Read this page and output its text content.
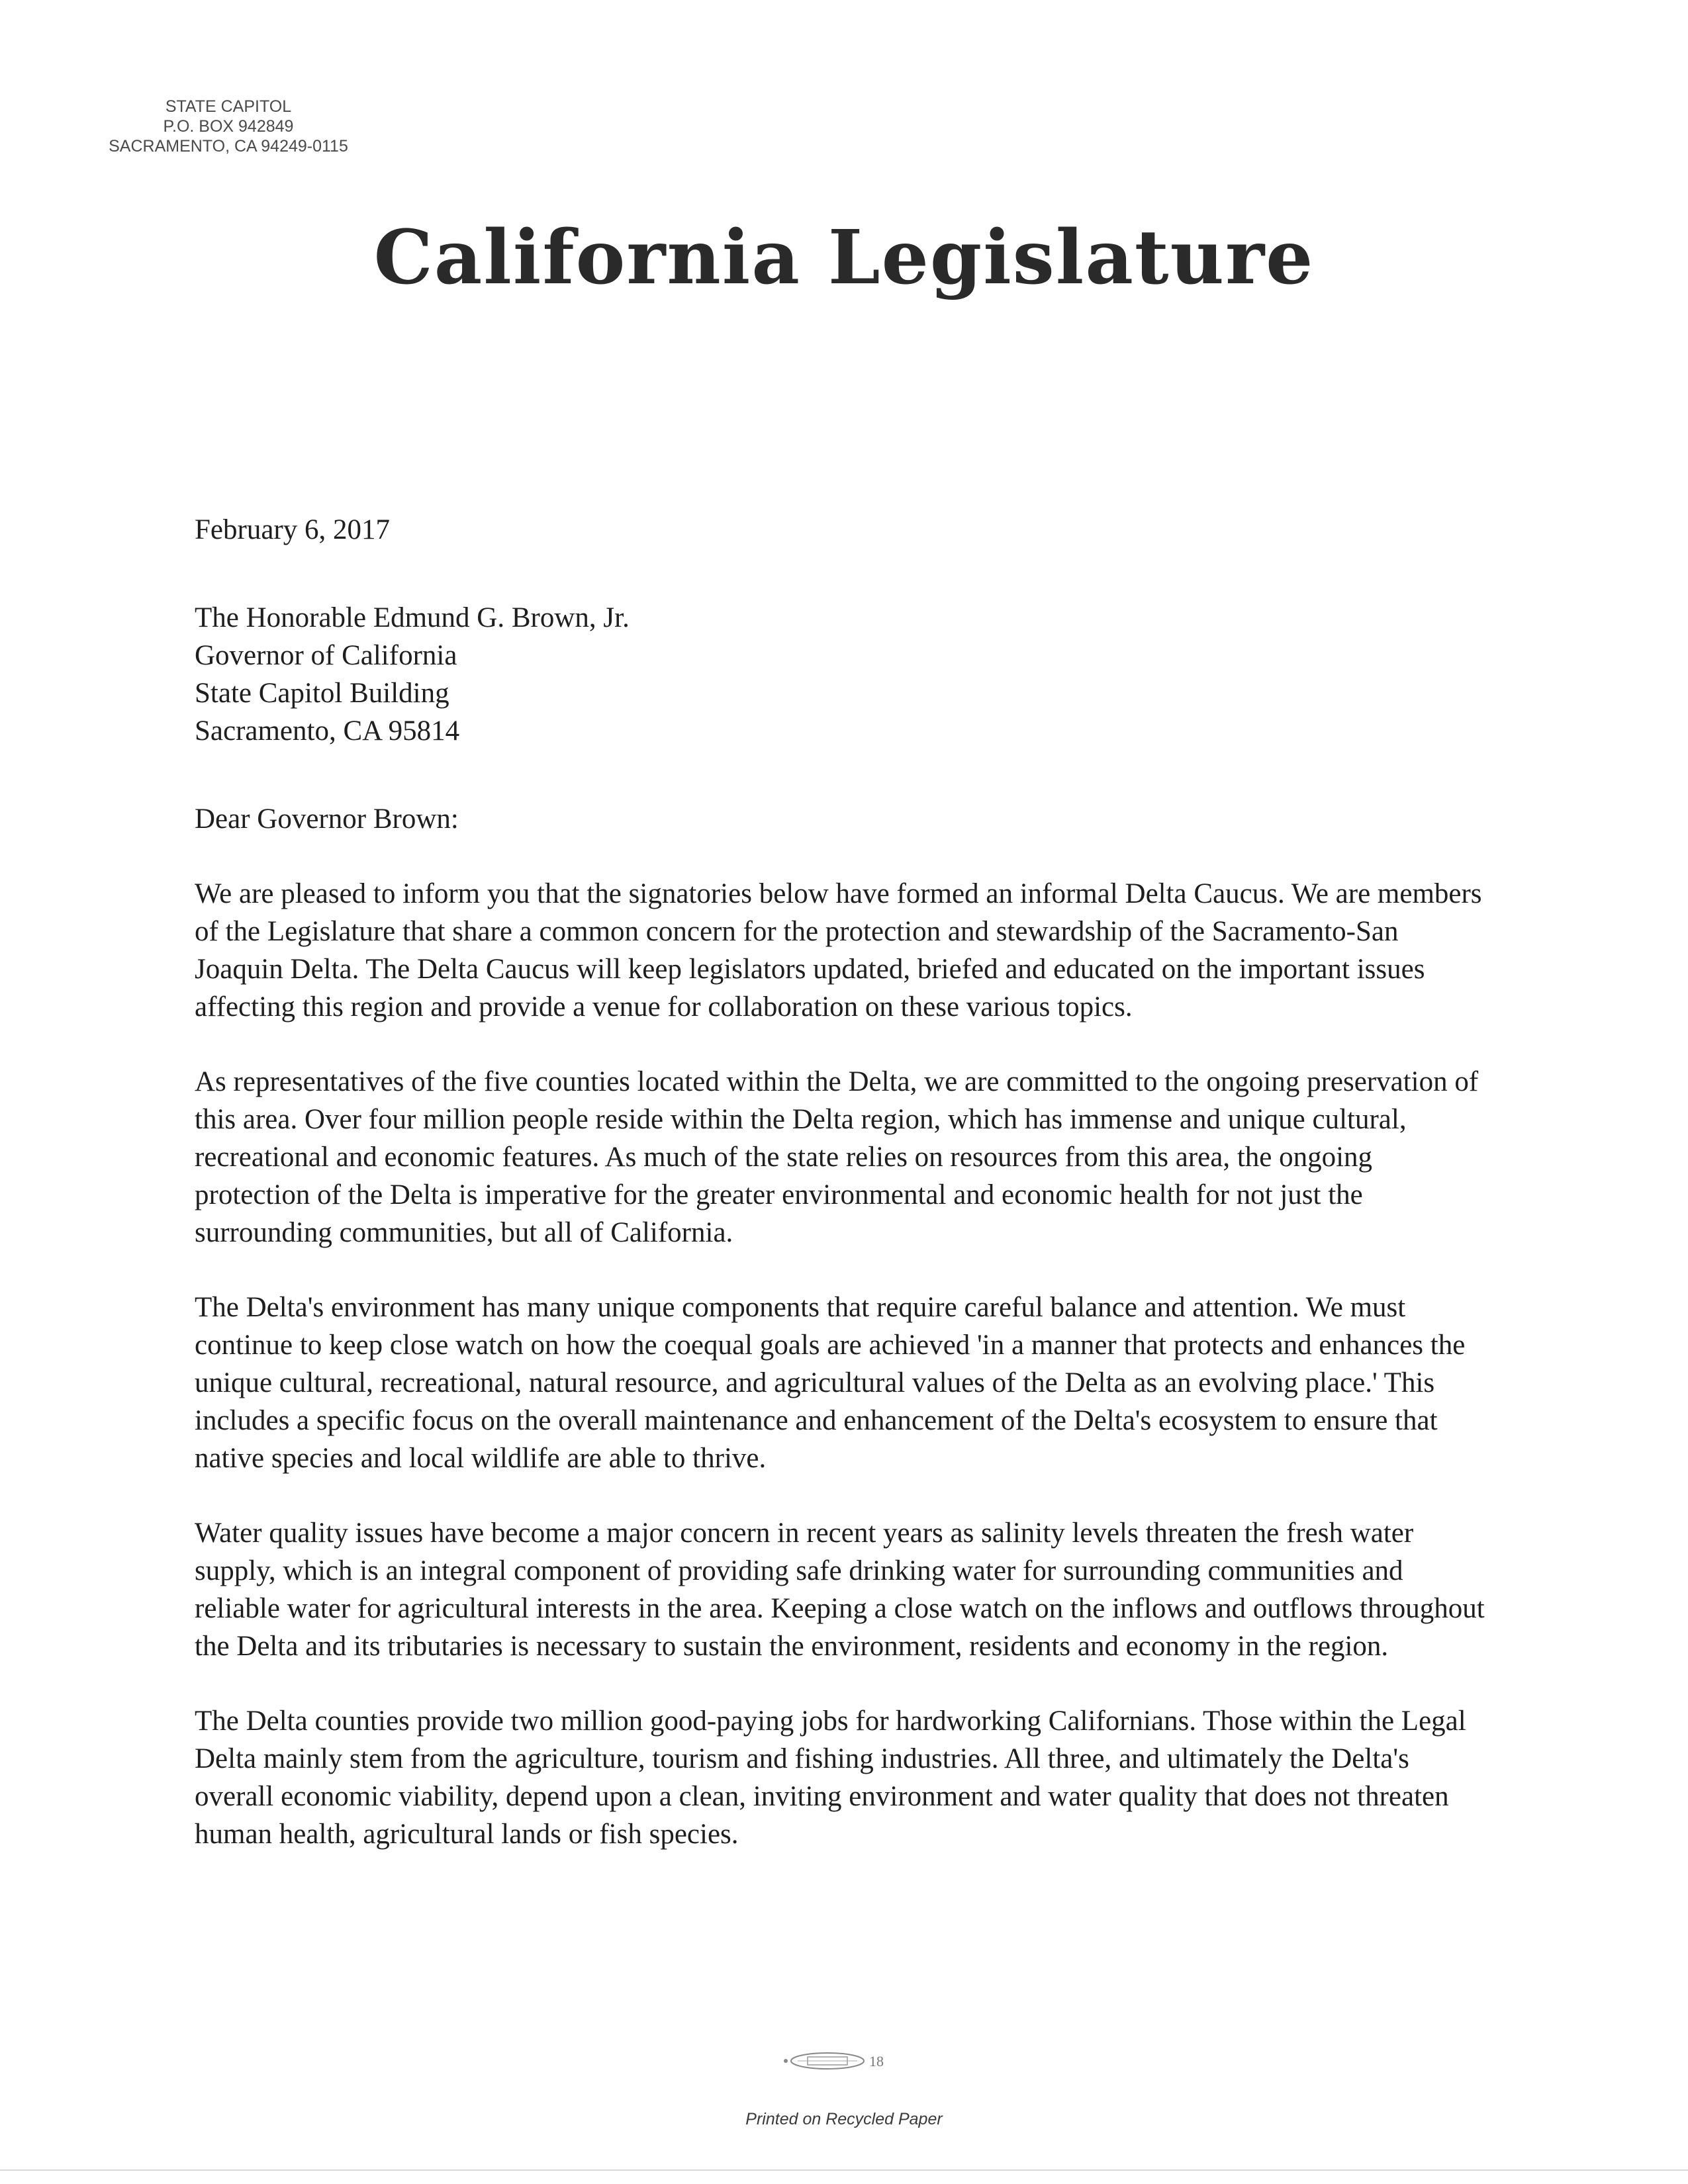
STATE CAPITOL
P.O. BOX 942849
SACRAMENTO, CA 94249-0115
California Legislature
February 6, 2017
The Honorable Edmund G. Brown, Jr.
Governor of California
State Capitol Building
Sacramento, CA 95814
Dear Governor Brown:

We are pleased to inform you that the signatories below have formed an informal Delta Caucus. We are members of the Legislature that share a common concern for the protection and stewardship of the Sacramento-San Joaquin Delta. The Delta Caucus will keep legislators updated, briefed and educated on the important issues affecting this region and provide a venue for collaboration on these various topics.

As representatives of the five counties located within the Delta, we are committed to the ongoing preservation of this area. Over four million people reside within the Delta region, which has immense and unique cultural, recreational and economic features. As much of the state relies on resources from this area, the ongoing protection of the Delta is imperative for the greater environmental and economic health for not just the surrounding communities, but all of California.

The Delta's environment has many unique components that require careful balance and attention. We must continue to keep close watch on how the coequal goals are achieved 'in a manner that protects and enhances the unique cultural, recreational, natural resource, and agricultural values of the Delta as an evolving place.' This includes a specific focus on the overall maintenance and enhancement of the Delta's ecosystem to ensure that native species and local wildlife are able to thrive.

Water quality issues have become a major concern in recent years as salinity levels threaten the fresh water supply, which is an integral component of providing safe drinking water for surrounding communities and reliable water for agricultural interests in the area. Keeping a close watch on the inflows and outflows throughout the Delta and its tributaries is necessary to sustain the environment, residents and economy in the region.

The Delta counties provide two million good-paying jobs for hardworking Californians. Those within the Legal Delta mainly stem from the agriculture, tourism and fishing industries. All three, and ultimately the Delta's overall economic viability, depend upon a clean, inviting environment and water quality that does not threaten human health, agricultural lands or fish species.

18
Printed on Recycled Paper
